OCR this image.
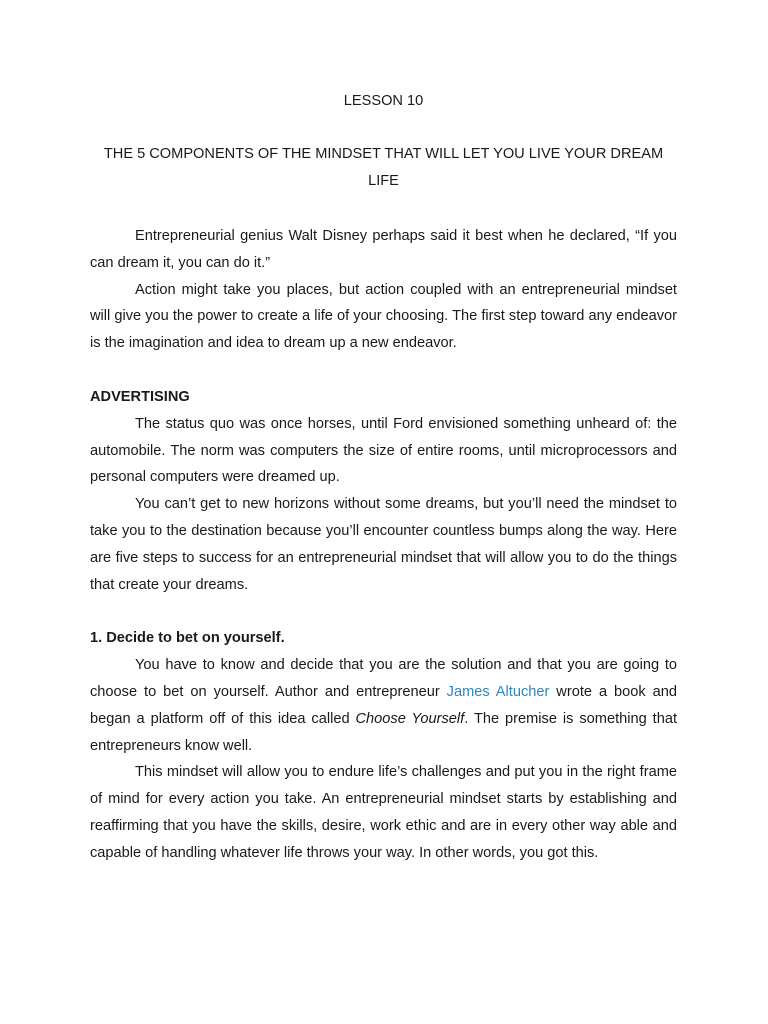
LESSON 10
THE 5 COMPONENTS OF THE MINDSET THAT WILL LET YOU LIVE YOUR DREAM LIFE

Entrepreneurial genius Walt Disney perhaps said it best when he declared, “If you can dream it, you can do it.”

Action might take you places, but action coupled with an entrepreneurial mindset will give you the power to create a life of your choosing. The first step toward any endeavor is the imagination and idea to dream up a new endeavor.

ADVERTISING

The status quo was once horses, until Ford envisioned something unheard of: the automobile. The norm was computers the size of entire rooms, until microprocessors and personal computers were dreamed up.

You can’t get to new horizons without some dreams, but you’ll need the mindset to take you to the destination because you’ll encounter countless bumps along the way. Here are five steps to success for an entrepreneurial mindset that will allow you to do the things that create your dreams.

1. Decide to bet on yourself.

You have to know and decide that you are the solution and that you are going to choose to bet on yourself. Author and entrepreneur James Altucher wrote a book and began a platform off of this idea called Choose Yourself. The premise is something that entrepreneurs know well.

This mindset will allow you to endure life’s challenges and put you in the right frame of mind for every action you take. An entrepreneurial mindset starts by establishing and reaffirming that you have the skills, desire, work ethic and are in every other way able and capable of handling whatever life throws your way. In other words, you got this.
